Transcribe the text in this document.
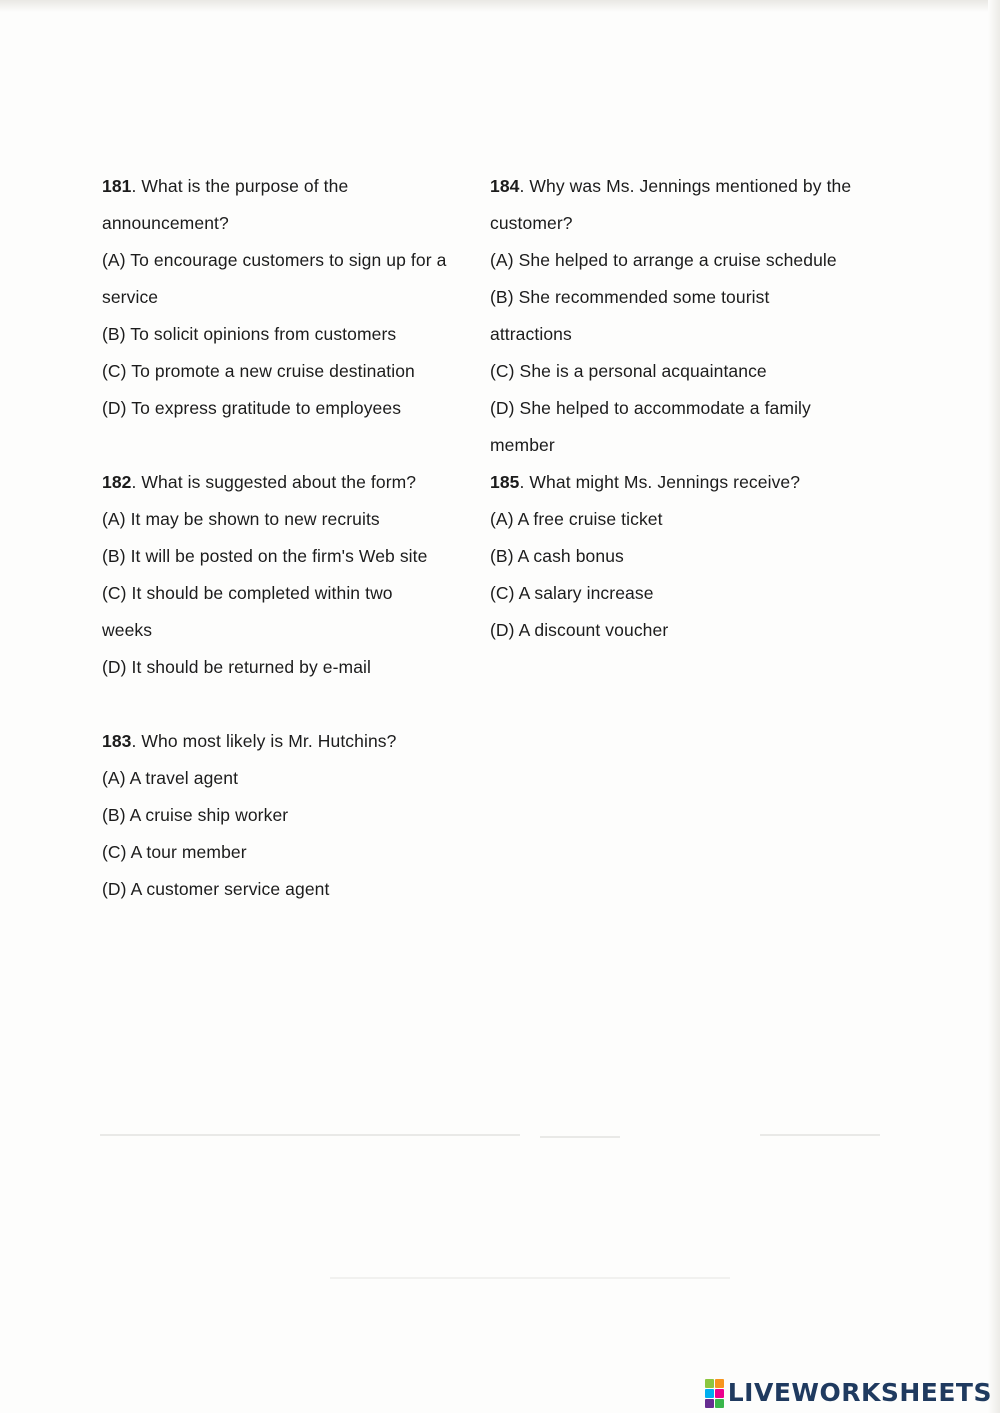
181. What is the purpose of the
announcement?
(A) To encourage customers to sign up for a
service
(B) To solicit opinions from customers
(C) To promote a new cruise destination
(D) To express gratitude to employees
182. What is suggested about the form?
(A) It may be shown to new recruits
(B) It will be posted on the firm's Web site
(C) It should be completed within two
weeks
(D) It should be returned by e-mail
183. Who most likely is Mr. Hutchins?
(A) A travel agent
(B) A cruise ship worker
(C) A tour member
(D) A customer service agent
184. Why was Ms. Jennings mentioned by the
customer?
(A) She helped to arrange a cruise schedule
(B) She recommended some tourist
attractions
(C) She is a personal acquaintance
(D) She helped to accommodate a family
member
185. What might Ms. Jennings receive?
(A) A free cruise ticket
(B) A cash bonus
(C) A salary increase
(D) A discount voucher
LIVEWORKSHEETS
